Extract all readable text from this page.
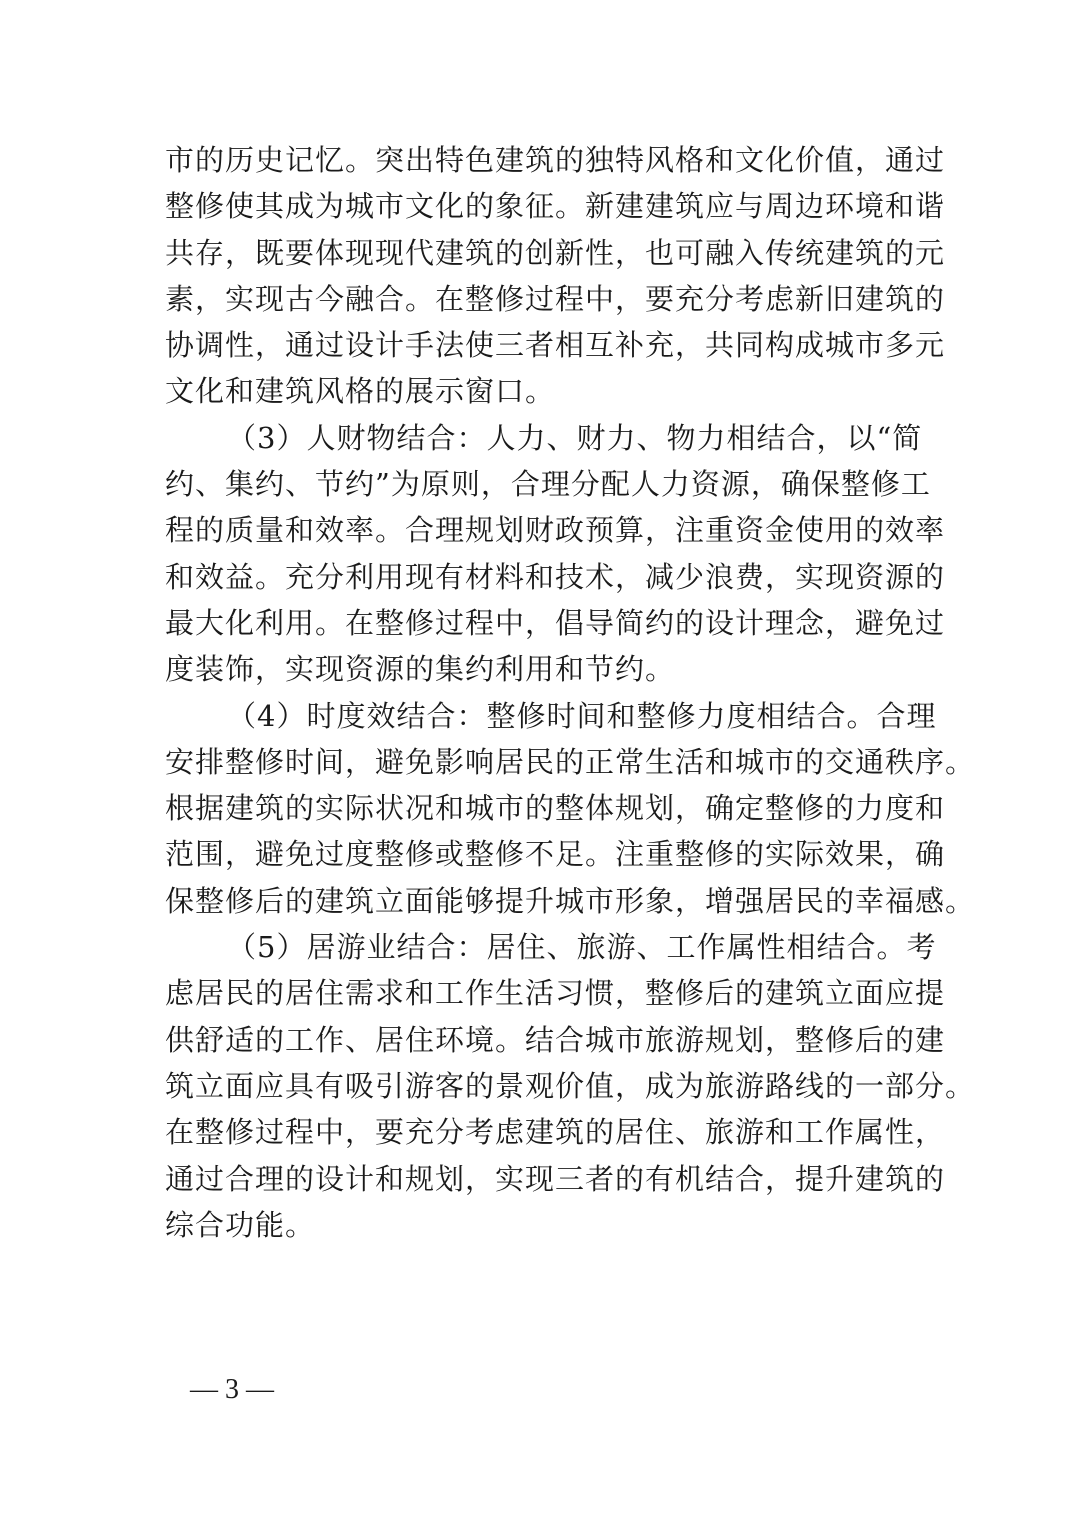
市的历史记忆。突出特色建筑的独特风格和文化价值，通过
整修使其成为城市文化的象征。新建建筑应与周边环境和谐
共存，既要体现现代建筑的创新性，也可融入传统建筑的元
素，实现古今融合。在整修过程中，要充分考虑新旧建筑的
协调性，通过设计手法使三者相互补充，共同构成城市多元
文化和建筑风格的展示窗口。
（3）人财物结合：人力、财力、物力相结合，以“简
约、集约、节约”为原则，合理分配人力资源，确保整修工
程的质量和效率。合理规划财政预算，注重资金使用的效率
和效益。充分利用现有材料和技术，减少浪费，实现资源的
最大化利用。在整修过程中，倡导简约的设计理念，避免过
度装饰，实现资源的集约利用和节约。
（4）时度效结合：整修时间和整修力度相结合。合理
安排整修时间，避免影响居民的正常生活和城市的交通秩序。
根据建筑的实际状况和城市的整体规划，确定整修的力度和
范围，避免过度整修或整修不足。注重整修的实际效果，确
保整修后的建筑立面能够提升城市形象，增强居民的幸福感。
（5）居游业结合：居住、旅游、工作属性相结合。考
虑居民的居住需求和工作生活习惯，整修后的建筑立面应提
供舒适的工作、居住环境。结合城市旅游规划，整修后的建
筑立面应具有吸引游客的景观价值，成为旅游路线的一部分。
在整修过程中，要充分考虑建筑的居住、旅游和工作属性，
通过合理的设计和规划，实现三者的有机结合，提升建筑的
综合功能。
— 3 —
